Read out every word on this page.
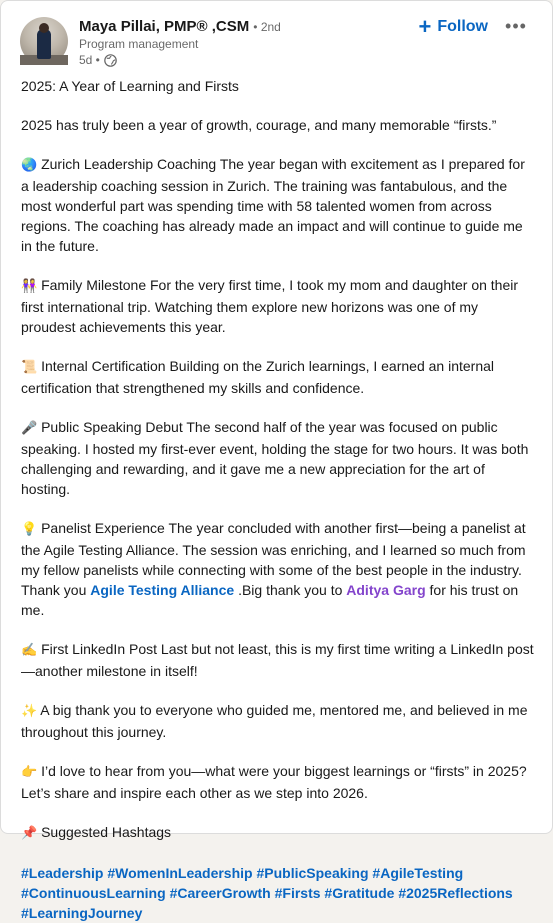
Maya Pillai, PMP® ,CSM • 2nd
Program management
5d •
+ Follow •••
2025: A Year of Learning and Firsts
2025 has truly been a year of growth, courage, and many memorable “firsts.”
🌏 Zurich Leadership Coaching The year began with excitement as I prepared for a leadership coaching session in Zurich. The training was fantabulous, and the most wonderful part was spending time with 58 talented women from across regions. The coaching has already made an impact and will continue to guide me in the future.
👭 Family Milestone For the very first time, I took my mom and daughter on their first international trip. Watching them explore new horizons was one of my proudest achievements this year.
📜 Internal Certification Building on the Zurich learnings, I earned an internal certification that strengthened my skills and confidence.
🎤 Public Speaking Debut The second half of the year was focused on public speaking. I hosted my first-ever event, holding the stage for two hours. It was both challenging and rewarding, and it gave me a new appreciation for the art of hosting.
💡 Panelist Experience The year concluded with another first—being a panelist at the Agile Testing Alliance. The session was enriching, and I learned so much from my fellow panelists while connecting with some of the best people in the industry.
Thank you Agile Testing Alliance .Big thank you to Aditya Garg for his trust on me.
✍️ First LinkedIn Post Last but not least, this is my first time writing a LinkedIn post —another milestone in itself!
✨ A big thank you to everyone who guided me, mentored me, and believed in me throughout this journey.
👉 I’d love to hear from you—what were your biggest learnings or “firsts” in 2025? Let’s share and inspire each other as we step into 2026.
📌 Suggested Hashtags
#Leadership #WomenInLeadership #PublicSpeaking #AgileTesting #ContinuousLearning #CareerGrowth #Firsts #Gratitude #2025Reflections #LearningJourney
